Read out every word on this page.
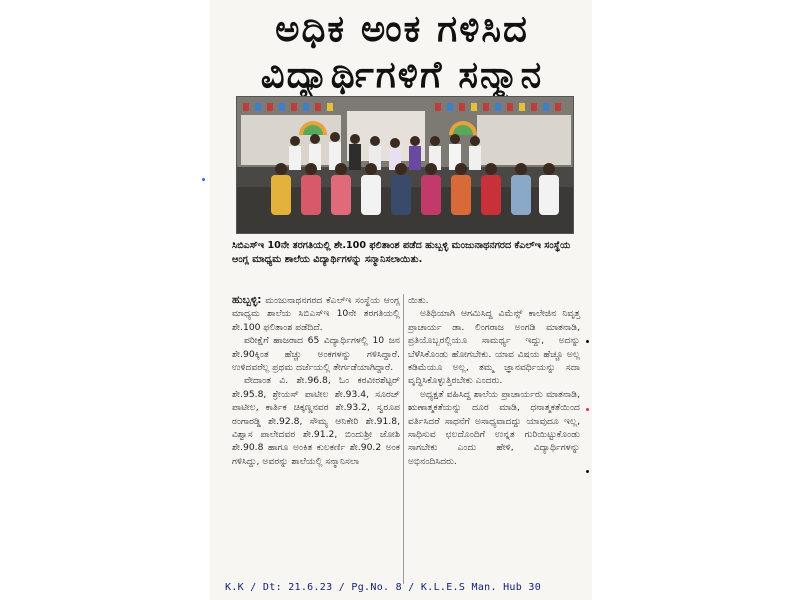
ಅಧಿಕ ಅಂಕ ಗಳಿಸಿದ
ವಿದ್ಯಾರ್ಥಿಗಳಿಗೆ ಸನ್ಮಾನ

ಸಿಬಿಎಸ್‌ಇ 10ನೇ ತರಗತಿಯಲ್ಲಿ ಶೇ.100 ಫಲಿತಾಂಶ ಪಡೆದ ಹುಬ್ಬಳ್ಳಿ ಮಂಜುನಾಥನಗರದ ಕೆಎಲ್‌ಇ ಸಂಸ್ಥೆಯ ಆಂಗ್ಲ ಮಾಧ್ಯಮ ಶಾಲೆಯ ವಿದ್ಯಾರ್ಥಿಗಳನ್ನು ಸನ್ಮಾನಿಸಲಾಯಿತು.

ಹುಬ್ಬಳ್ಳಿ: ಮಂಜುನಾಥನಗರದ ಕೆಎಲ್‌ಇ ಸಂಸ್ಥೆಯ ಆಂಗ್ಲ ಮಾಧ್ಯಮ ಶಾಲೆಯ ಸಿಬಿಎಸ್‌ಇ 10ನೇ ತರಗತಿಯಲ್ಲಿ ಶೇ.100 ಫಲಿತಾಂಶ ಪಡೆದಿದೆ.

ಪರೀಕ್ಷೆಗೆ ಹಾಜರಾದ 65 ವಿದ್ಯಾರ್ಥಿಗಳಲ್ಲಿ 10 ಜನ ಶೇ.90ಕ್ಕಿಂತ ಹೆಚ್ಚು ಅಂಕಗಳನ್ನು ಗಳಿಸಿದ್ದಾರೆ. ಉಳಿದವರೆಲ್ಲ ಪ್ರಥಮ ದರ್ಜೆಯಲ್ಲಿ ತೇರ್ಗಡೆಯಾಗಿದ್ದಾರೆ.

ವೇದಾಂತ ವಿ. ಶೇ.96.8, ಓಂ ಕರವೀರಶೆಟ್ಟರ್ ಶೇ.95.8, ಶ್ರೇಯಸ್ ಪಾಟೀಲ ಶೇ.93.4, ಸೂರಜ್ ಪಾಟೀಲ, ಕಾರ್ತಿಕ ಚಿಕ್ಕಣ್ಣನವರ ಶೇ.93.2, ಸ್ವರೂಪ ರಂಗಾರಡ್ಡಿ ಶೇ.92.8, ಸೌಮ್ಯ ಆನಿಕೇರಿ ಶೇ.91.8, ವಿಶ್ವಾಸ ಪಾಲೇದವರ ಶೇ.91.2, ಬಿಂದುಶ್ರೀ ಜೋಶಿ ಶೇ.90.8 ಹಾಗೂ ಅಂಕಿತ ಕುಲಕರ್ಣಿ ಶೇ.90.2 ಅಂಕ ಗಳಿಸಿದ್ದು, ಅವರನ್ನು ಶಾಲೆಯಲ್ಲಿ ಸನ್ಮಾನಿಸಲಾ

ಯಿತು.

ಅತಿಥಿಯಾಗಿ ಆಗಮಿಸಿದ್ದ ವಿಮೆನ್ಸ್ ಕಾಲೇಜಿನ ನಿವೃತ್ತ ಪ್ರಾಚಾರ್ಯ ಡಾ. ಲಿಂಗರಾಜ ಅಂಗಡಿ ಮಾತನಾಡಿ, ಪ್ರತಿಯೊಬ್ಬರಲ್ಲಿಯೂ ಸಾಮರ್ಥ್ಯ ಇದ್ದು, ಅದನ್ನು ಬೆಳೆಸಿಕೊಂಡು ಹೋಗಬೇಕು. ಯಾವ ವಿಷಯ ಹೆಚ್ಚೂ ಅಲ್ಲ ಕಡಿಮೆಯೂ ಅಲ್ಲ, ತಮ್ಮ ಜ್ಞಾನವರ್ಧಿಯನ್ನು ಸದಾ ವೃದ್ಧಿಸಿಕೊಳ್ಳುತ್ತಿರಬೇಕು ಎಂದರು.

ಅಧ್ಯಕ್ಷತೆ ವಹಿಸಿದ್ದ ಶಾಲೆಯ ಪ್ರಾಚಾರ್ಯರು ಮಾತನಾಡಿ, ಋಣಾತ್ಮಕತೆಯನ್ನು ದೂರ ಮಾಡಿ, ಧನಾತ್ಮಕತೆಯಿಂದ ವರ್ತಿಸಿದರೆ ಸಾಧನೆಗೆ ಅಸಾಧ್ಯವಾದದ್ದು ಯಾವುದೂ ಇಲ್ಲ, ಸಾಧಿಸುವ ಛಲದೊಂದಿಗೆ ಉನ್ನತ ಗುರಿಯಿಟ್ಟುಕೊಂಡು ಸಾಗಬೇಕು ಎಂದು ಹೇಳಿ, ವಿದ್ಯಾರ್ಥಿಗಳನ್ನು ಅಭಿನಂದಿಸಿದರು.

K.K / Dt: 21.6.23 / Pg.No. 8 / K.L.E.S Man. Hub 30
